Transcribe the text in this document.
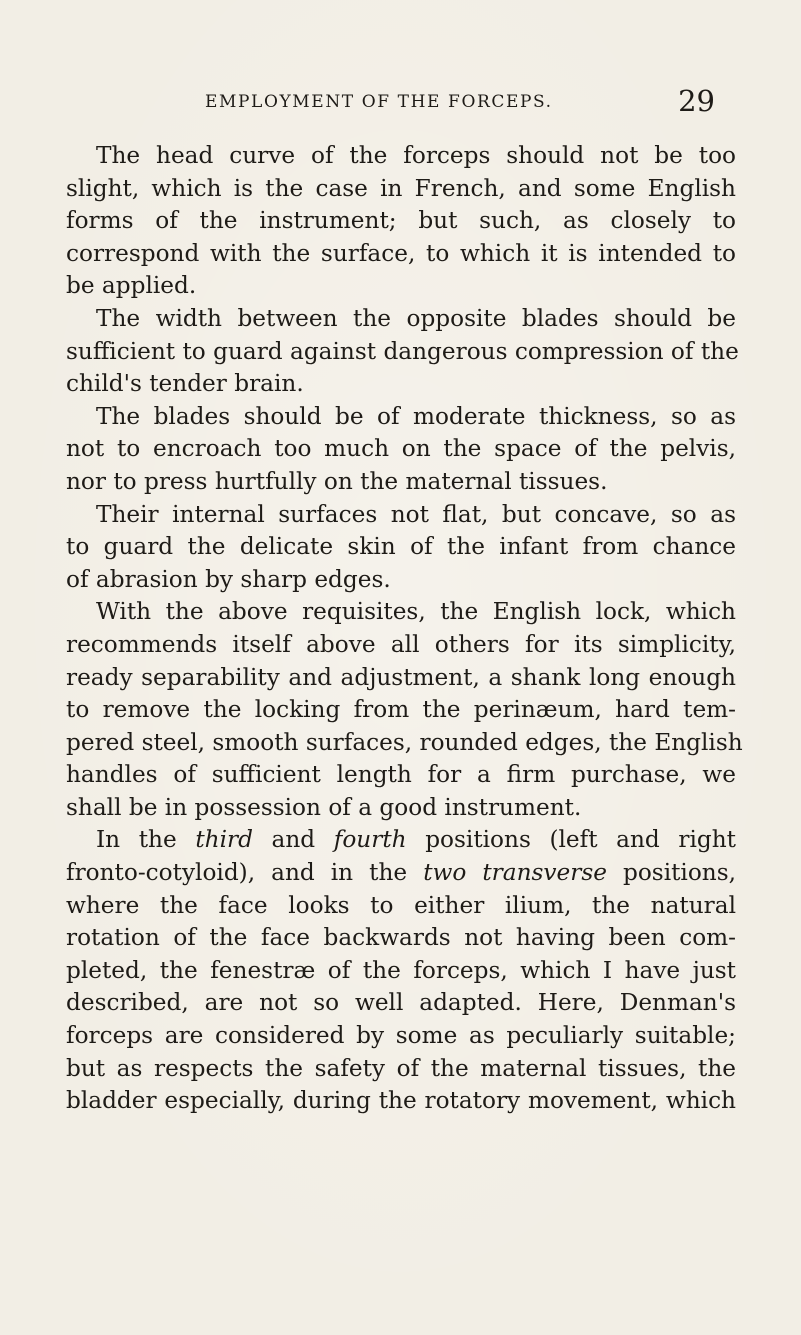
EMPLOYMENT OF THE FORCEPS.	29
The head curve of the forceps should not be too
slight, which is the case in French, and some English
forms of the instrument; but such, as closely to
correspond with the surface, to which it is intended to
be applied.
The width between the opposite blades should be
sufficient to guard against dangerous compression of the
child's tender brain.
The blades should be of moderate thickness, so as
not to encroach too much on the space of the pelvis,
nor to press hurtfully on the maternal tissues.
Their internal surfaces not flat, but concave, so as
to guard the delicate skin of the infant from chance
of abrasion by sharp edges.
With the above requisites, the English lock, which
recommends itself above all others for its simplicity,
ready separability and adjustment, a shank long enough
to remove the locking from the perinæum, hard tem-
pered steel, smooth surfaces, rounded edges, the English
handles of sufficient length for a firm purchase, we
shall be in possession of a good instrument.
In the third and fourth positions (left and right
fronto-cotyloid), and in the two transverse positions,
where the face looks to either ilium, the natural
rotation of the face backwards not having been com-
pleted, the fenestræ of the forceps, which I have just
described, are not so well adapted. Here, Denman's
forceps are considered by some as peculiarly suitable;
but as respects the safety of the maternal tissues, the
bladder especially, during the rotatory movement, which
